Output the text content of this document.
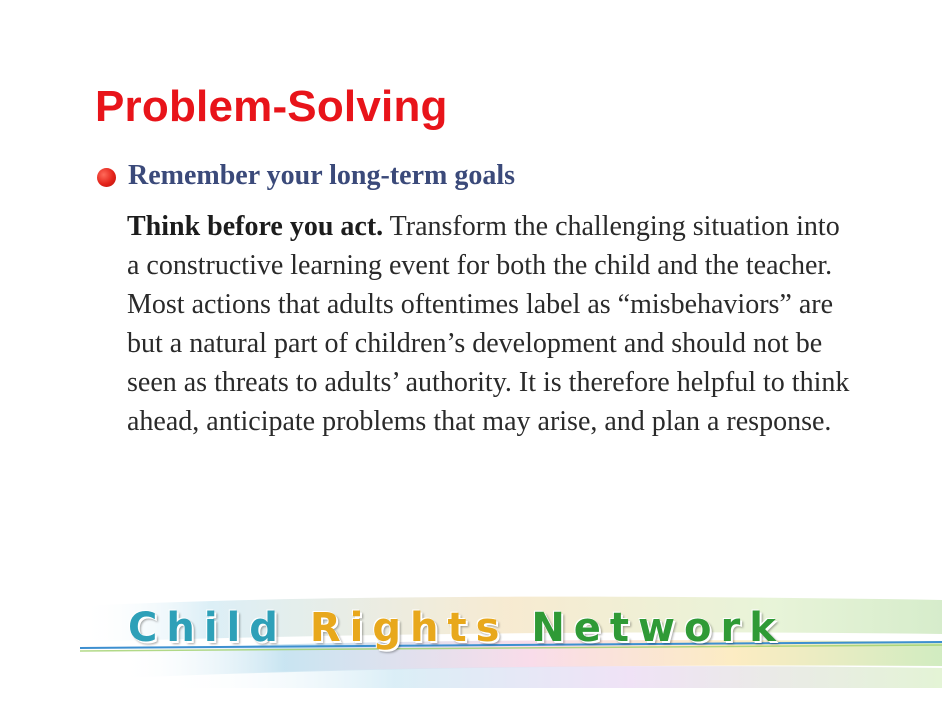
Problem-Solving
Remember your long-term goals

Think before you act. Transform the challenging situation into a constructive learning event for both the child and the teacher. Most actions that adults oftentimes label as “misbehaviors” are but a natural part of children’s development and should not be seen as threats to adults’ authority. It is therefore helpful to think ahead, anticipate problems that may arise, and plan a response.

Child Rights Network
